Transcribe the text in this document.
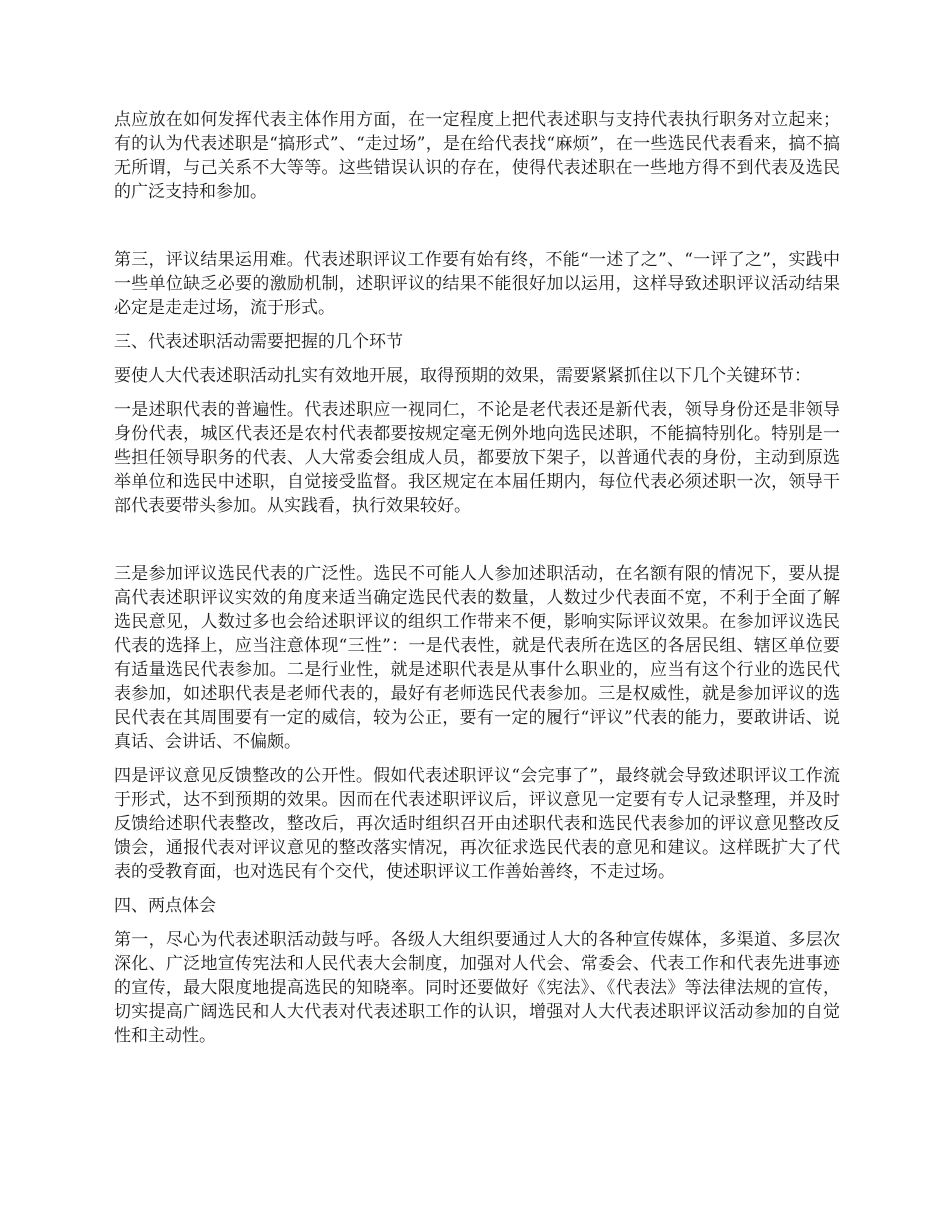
点应放在如何发挥代表主体作用方面，在一定程度上把代表述职与支持代表执行职务对立起来；有的认为代表述职是“搞形式”、“走过场”，是在给代表找“麻烦”，在一些选民代表看来，搞不搞无所谓，与己关系不大等等。这些错误认识的存在，使得代表述职在一些地方得不到代表及选民的广泛支持和参加。

第三，评议结果运用难。代表述职评议工作要有始有终，不能“一述了之”、“一评了之”，实践中一些单位缺乏必要的激励机制，述职评议的结果不能很好加以运用，这样导致述职评议活动结果必定是走走过场，流于形式。

三、代表述职活动需要把握的几个环节

要使人大代表述职活动扎实有效地开展，取得预期的效果，需要紧紧抓住以下几个关键环节：

一是述职代表的普遍性。代表述职应一视同仁，不论是老代表还是新代表，领导身份还是非领导身份代表，城区代表还是农村代表都要按规定毫无例外地向选民述职，不能搞特别化。特别是一些担任领导职务的代表、人大常委会组成人员，都要放下架子，以普通代表的身份，主动到原选举单位和选民中述职，自觉接受监督。我区规定在本届任期内，每位代表必须述职一次，领导干部代表要带头参加。从实践看，执行效果较好。

三是参加评议选民代表的广泛性。选民不可能人人参加述职活动，在名额有限的情况下，要从提高代表述职评议实效的角度来适当确定选民代表的数量，人数过少代表面不宽，不利于全面了解选民意见，人数过多也会给述职评议的组织工作带来不便，影响实际评议效果。在参加评议选民代表的选择上，应当注意体现“三性”：一是代表性，就是代表所在选区的各居民组、辖区单位要有适量选民代表参加。二是行业性，就是述职代表是从事什么职业的，应当有这个行业的选民代表参加，如述职代表是老师代表的，最好有老师选民代表参加。三是权威性，就是参加评议的选民代表在其周围要有一定的威信，较为公正，要有一定的履行“评议”代表的能力，要敢讲话、说真话、会讲话、不偏颇。

四是评议意见反馈整改的公开性。假如代表述职评议“会完事了”，最终就会导致述职评议工作流于形式，达不到预期的效果。因而在代表述职评议后，评议意见一定要有专人记录整理，并及时反馈给述职代表整改，整改后，再次适时组织召开由述职代表和选民代表参加的评议意见整改反馈会，通报代表对评议意见的整改落实情况，再次征求选民代表的意见和建议。这样既扩大了代表的受教育面，也对选民有个交代，使述职评议工作善始善终，不走过场。

四、两点体会

第一，尽心为代表述职活动鼓与呼。各级人大组织要通过人大的各种宣传媒体，多渠道、多层次深化、广泛地宣传宪法和人民代表大会制度，加强对人代会、常委会、代表工作和代表先进事迹的宣传，最大限度地提高选民的知晓率。同时还要做好《宪法》、《代表法》等法律法规的宣传，切实提高广阔选民和人大代表对代表述职工作的认识，增强对人大代表述职评议活动参加的自觉性和主动性。
